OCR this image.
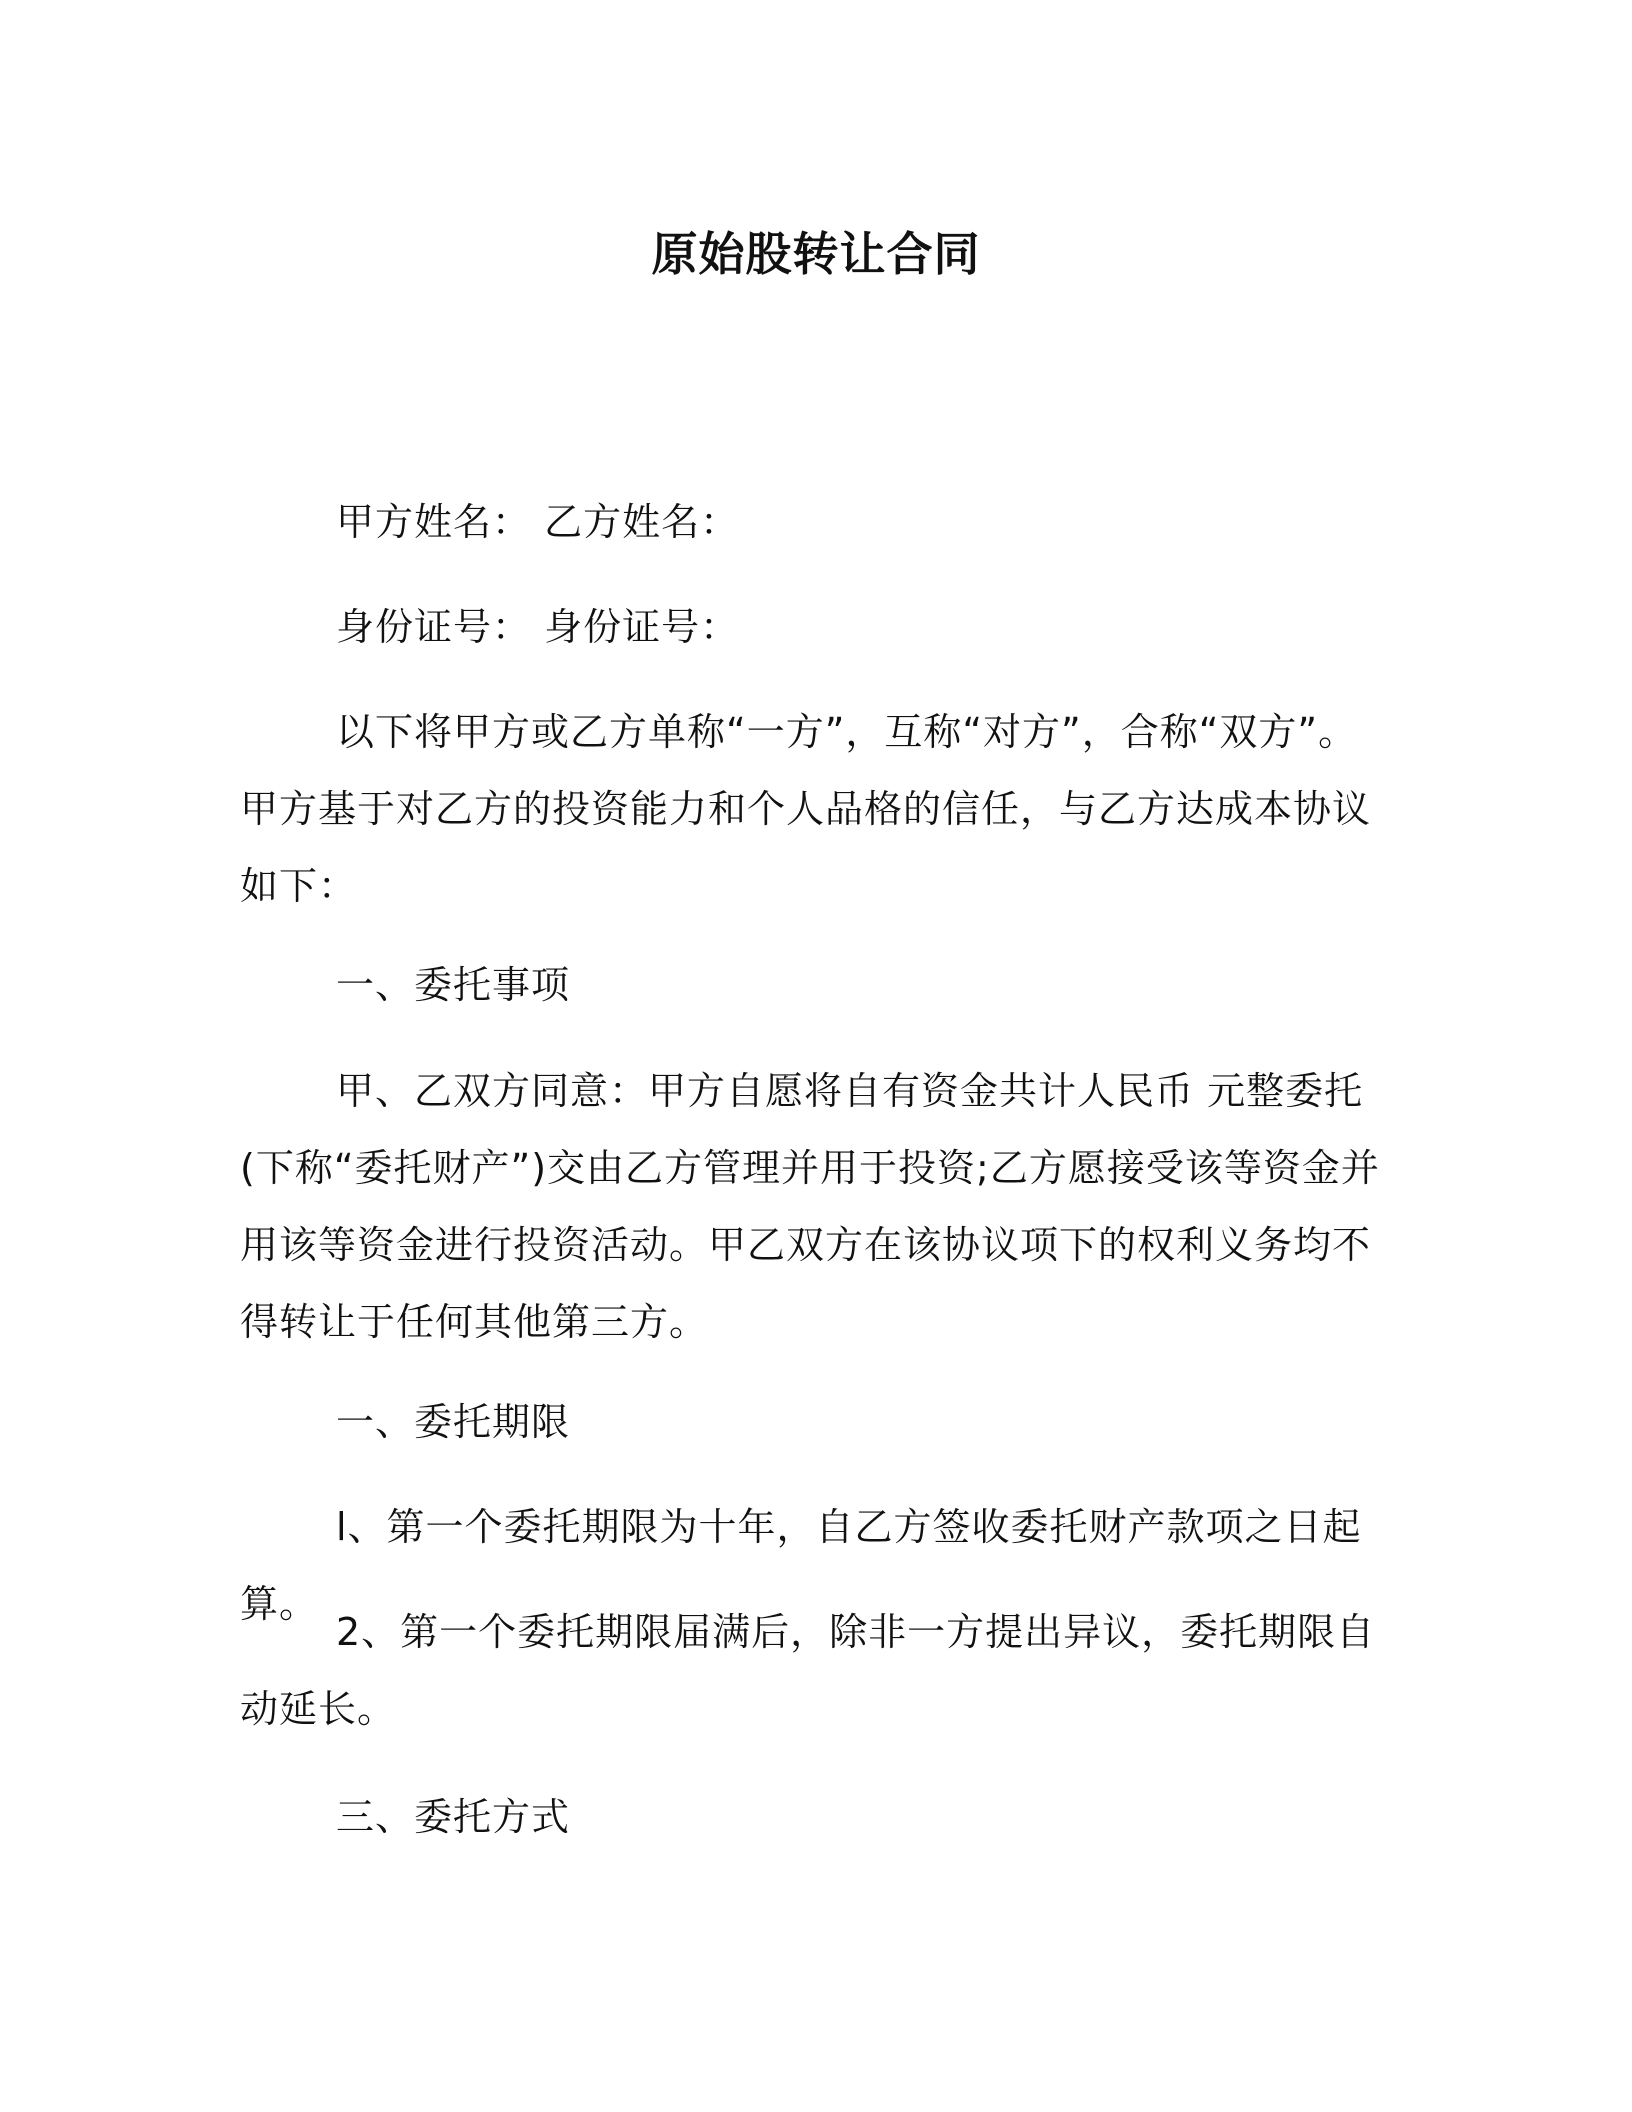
原始股转让合同

甲方姓名： 乙方姓名：

身份证号： 身份证号：

以下将甲方或乙方单称“一方”，互称“对方”，合称“双方”。甲方基于对乙方的投资能力和个人品格的信任，与乙方达成本协议如下：

一、委托事项

甲、乙双方同意：甲方自愿将自有资金共计人民币 元整委托(下称“委托财产”)交由乙方管理并用于投资;乙方愿接受该等资金并用该等资金进行投资活动。甲乙双方在该协议项下的权利义务均不得转让于任何其他第三方。

一、委托期限

l、第一个委托期限为十年，自乙方签收委托财产款项之日起算。

2、第一个委托期限届满后，除非一方提出异议，委托期限自动延长。

三、委托方式
